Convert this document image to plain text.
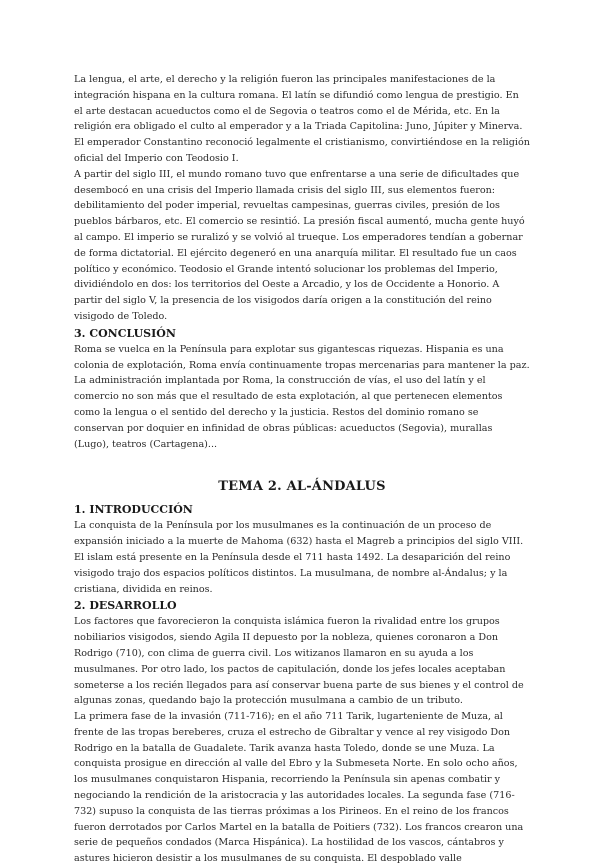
La lengua, el arte, el derecho y la religión fueron las principales manifestaciones de la integración hispana en la cultura romana. El latín se difundió como lengua de prestigio. En el arte destacan acueductos como el de Segovia o teatros como el de Mérida, etc. En la religión era obligado el culto al emperador y a la Triada Capitolina: Juno, Júpiter y Minerva. El emperador Constantino reconoció legalmente el cristianismo, convirtiéndose en la religión oficial del Imperio con Teodosio I.

A partir del siglo III, el mundo romano tuvo que enfrentarse a una serie de dificultades que desembocó en una crisis del Imperio llamada crisis del siglo III, sus elementos fueron: debilitamiento del poder imperial, revueltas campesinas, guerras civiles, presión de los pueblos bárbaros, etc. El comercio se resintió. La presión fiscal aumentó, mucha gente huyó al campo. El imperio se ruralizó y se volvió al trueque. Los emperadores tendían a gobernar de forma dictatorial. El ejército degeneró en una anarquía militar. El resultado fue un caos político y económico. Teodosio el Grande intentó solucionar los problemas del Imperio, dividiéndolo en dos: los territorios del Oeste a Arcadio, y los de Occidente a Honorio. A partir del siglo V, la presencia de los visigodos daría origen a la constitución del reino visigodo de Toledo.

3. CONCLUSIÓN

Roma se vuelca en la Península para explotar sus gigantescas riquezas. Hispania es una colonia de explotación, Roma envía continuamente tropas mercenarias para mantener la paz. La administración implantada por Roma, la construcción de vías, el uso del latín y el comercio no son más que el resultado de esta explotación, al que pertenecen elementos como la lengua o el sentido del derecho y la justicia. Restos del dominio romano se conservan por doquier en infinidad de obras públicas: acueductos (Segovia), murallas (Lugo), teatros (Cartagena)...

TEMA 2. AL-ÁNDALUS
1. INTRODUCCIÓN

La conquista de la Península por los musulmanes es la continuación de un proceso de expansión iniciado a la muerte de Mahoma (632) hasta el Magreb a principios del siglo VIII. El islam está presente en la Península desde el 711 hasta 1492. La desaparición del reino visigodo trajo dos espacios políticos distintos. La musulmana, de nombre al-Ándalus; y la cristiana, dividida en reinos.

2. DESARROLLO

Los factores que favorecieron la conquista islámica fueron la rivalidad entre los grupos nobiliarios visigodos, siendo Agila II depuesto por la nobleza, quienes coronaron a Don Rodrigo (710), con clima de guerra civil. Los witizanos llamaron en su ayuda a los musulmanes. Por otro lado, los pactos de capitulación, donde los jefes locales aceptaban someterse a los recién llegados para así conservar buena parte de sus bienes y el control de algunas zonas, quedando bajo la protección musulmana a cambio de un tributo.

La primera fase de la invasión (711-716); en el año 711 Tarik, lugarteniente de Muza, al frente de las tropas bereberes, cruza el estrecho de Gibraltar y vence al rey visigodo Don Rodrigo en la batalla de Guadalete. Tarik avanza hasta Toledo, donde se une Muza. La conquista prosigue en dirección al valle del Ebro y la Submeseta Norte. En solo ocho años, los musulmanes conquistaron Hispania, recorriendo la Península sin apenas combatir y negociando la rendición de la aristocracia y las autoridades locales. La segunda fase (716-732) supuso la conquista de las tierras próximas a los Pirineos. En el reino de los francos fueron derrotados por Carlos Martel en la batalla de Poitiers (732). Los francos crearon una serie de pequeños condados (Marca Hispánica). La hostilidad de los vascos, cántabros y astures hicieron desistir a los musulmanes de su conquista. El despoblado valle
